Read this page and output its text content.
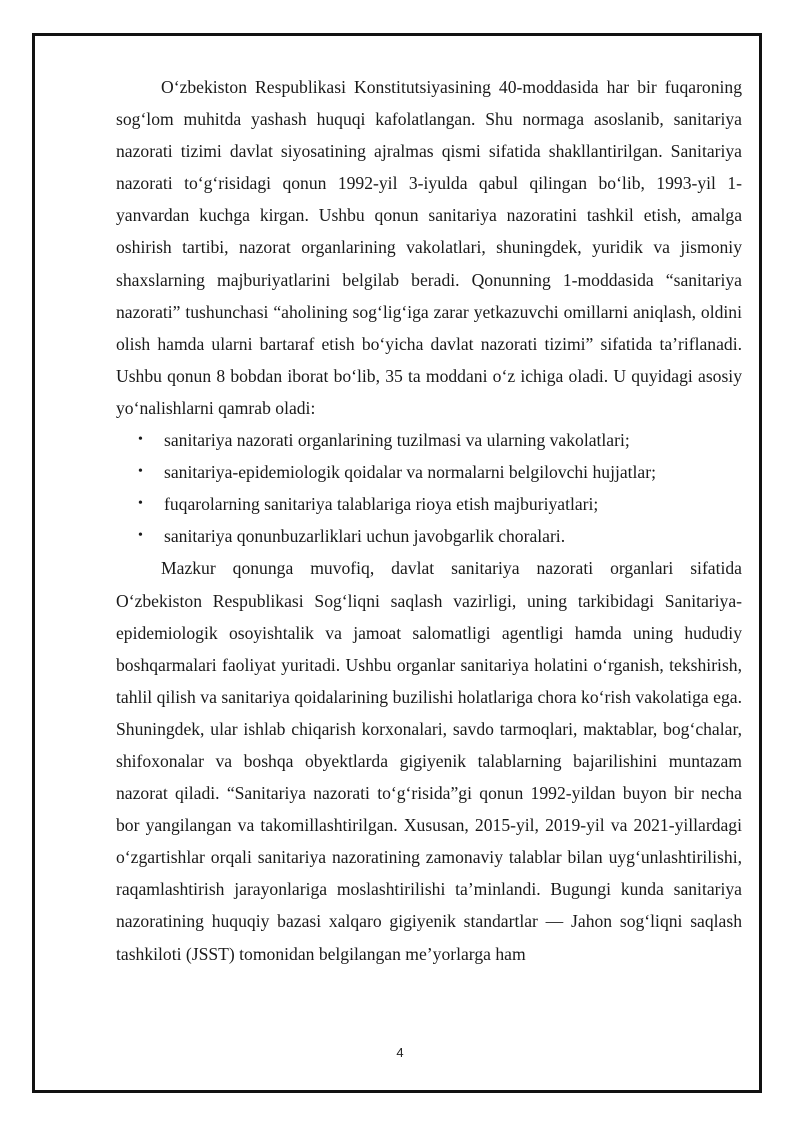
O‘zbekiston Respublikasi Konstitutsiyasining 40-moddasida har bir fuqaroning sog‘lom muhitda yashash huquqi kafolatlangan. Shu normaga asoslanib, sanitariya nazorati tizimi davlat siyosatining ajralmas qismi sifatida shakllantirilgan. Sanitariya nazorati to‘g‘risidagi qonun 1992-yil 3-iyulda qabul qilingan bo‘lib, 1993-yil 1-yanvardan kuchga kirgan. Ushbu qonun sanitariya nazoratini tashkil etish, amalga oshirish tartibi, nazorat organlarining vakolatlari, shuningdek, yuridik va jismoniy shaxslarning majburiyatlarini belgilab beradi. Qonunning 1-moddasida “sanitariya nazorati” tushunchasi “aholining sog‘lig‘iga zarar yetkazuvchi omillarni aniqlash, oldini olish hamda ularni bartaraf etish bo‘yicha davlat nazorati tizimi” sifatida ta’riflanadi. Ushbu qonun 8 bobdan iborat bo‘lib, 35 ta moddani o‘z ichiga oladi. U quyidagi asosiy yo‘nalishlarni qamrab oladi:

• sanitariya nazorati organlarining tuzilmasi va ularning vakolatlari;
• sanitariya-epidemiologik qoidalar va normalarni belgilovchi hujjatlar;
• fuqarolarning sanitariya talablariga rioya etish majburiyatlari;
• sanitariya qonunbuzarliklari uchun javobgarlik choralari.

Mazkur qonunga muvofiq, davlat sanitariya nazorati organlari sifatida O‘zbekiston Respublikasi Sog‘liqni saqlash vazirligi, uning tarkibidagi Sanitariya-epidemiologik osoyishtalik va jamoat salomatligi agentligi hamda uning hududiy boshqarmalari faoliyat yuritadi. Ushbu organlar sanitariya holatini o‘rganish, tekshirish, tahlil qilish va sanitariya qoidalarining buzilishi holatlariga chora ko‘rish vakolatiga ega. Shuningdek, ular ishlab chiqarish korxonalari, savdo tarmoqlari, maktablar, bog‘chalar, shifoxonalar va boshqa obyektlarda gigiyenik talablarning bajarilishini muntazam nazorat qiladi. “Sanitariya nazorati to‘g‘risida”gi qonun 1992-yildan buyon bir necha bor yangilangan va takomillashtirilgan. Xususan, 2015-yil, 2019-yil va 2021-yillardagi o‘zgartishlar orqali sanitariya nazoratining zamonaviy talablar bilan uyg‘unlashtirilishi, raqamlashtirish jarayonlariga moslashtirilishi ta’minlandi. Bugungi kunda sanitariya nazoratining huquqiy bazasi xalqaro gigiyenik standartlar — Jahon sog‘liqni saqlash tashkiloti (JSST) tomonidan belgilangan me’yorlarga ham

4
